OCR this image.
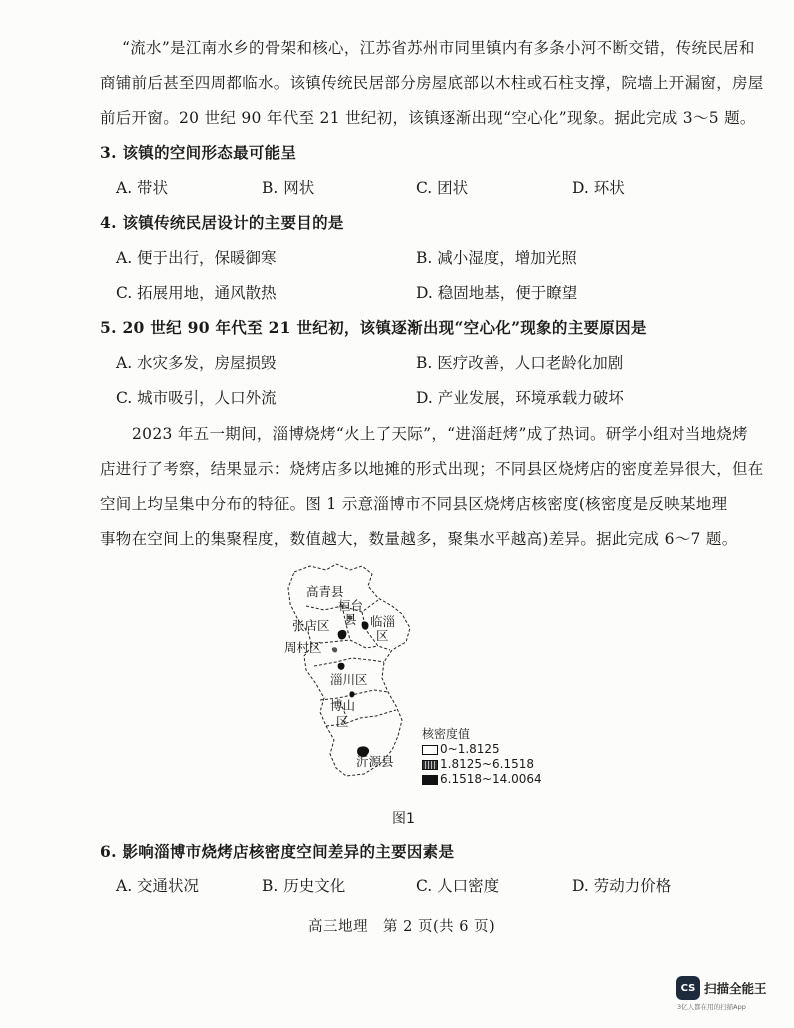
“流水”是江南水乡的骨架和核心，江苏省苏州市同里镇内有多条小河不断交错，传统民居和
商铺前后甚至四周都临水。该镇传统民居部分房屋底部以木柱或石柱支撑，院墙上开漏窗，房屋
前后开窗。20 世纪 90 年代至 21 世纪初，该镇逐渐出现“空心化”现象。据此完成 3～5 题。
3. 该镇的空间形态最可能呈
A. 带状	B. 网状	C. 团状	D. 环状
4. 该镇传统民居设计的主要目的是
A. 便于出行，保暖御寒	B. 减小湿度，增加光照
C. 拓展用地，通风散热	D. 稳固地基，便于瞭望
5. 20 世纪 90 年代至 21 世纪初，该镇逐渐出现“空心化”现象的主要原因是
A. 水灾多发，房屋损毁	B. 医疗改善，人口老龄化加剧
C. 城市吸引，人口外流	D. 产业发展，环境承载力破坏
2023 年五一期间，淄博烧烤“火上了天际”，“进淄赶烤”成了热词。研学小组对当地烧烤
店进行了考察，结果显示：烧烤店多以地摊的形式出现；不同县区烧烤店的密度差异很大，但在
空间上均呈集中分布的特征。图 1 示意淄博市不同县区烧烤店核密度(核密度是反映某地理
事物在空间上的集聚程度，数值越大，数量越多，聚集水平越高)差异。据此完成 6～7 题。
高青县
桓台
县 临淄
区
张店区
周村区
淄川区
博山
区
沂源县
核密度值
0~1.8125
1.8125~6.1518
6.1518~14.0064
图1
6. 影响淄博市烧烤店核密度空间差异的主要因素是
A. 交通状况	B. 历史文化	C. 人口密度	D. 劳动力价格
高三地理　第 2 页(共 6 页)
CS 扫描全能王
3亿人都在用的扫描App
